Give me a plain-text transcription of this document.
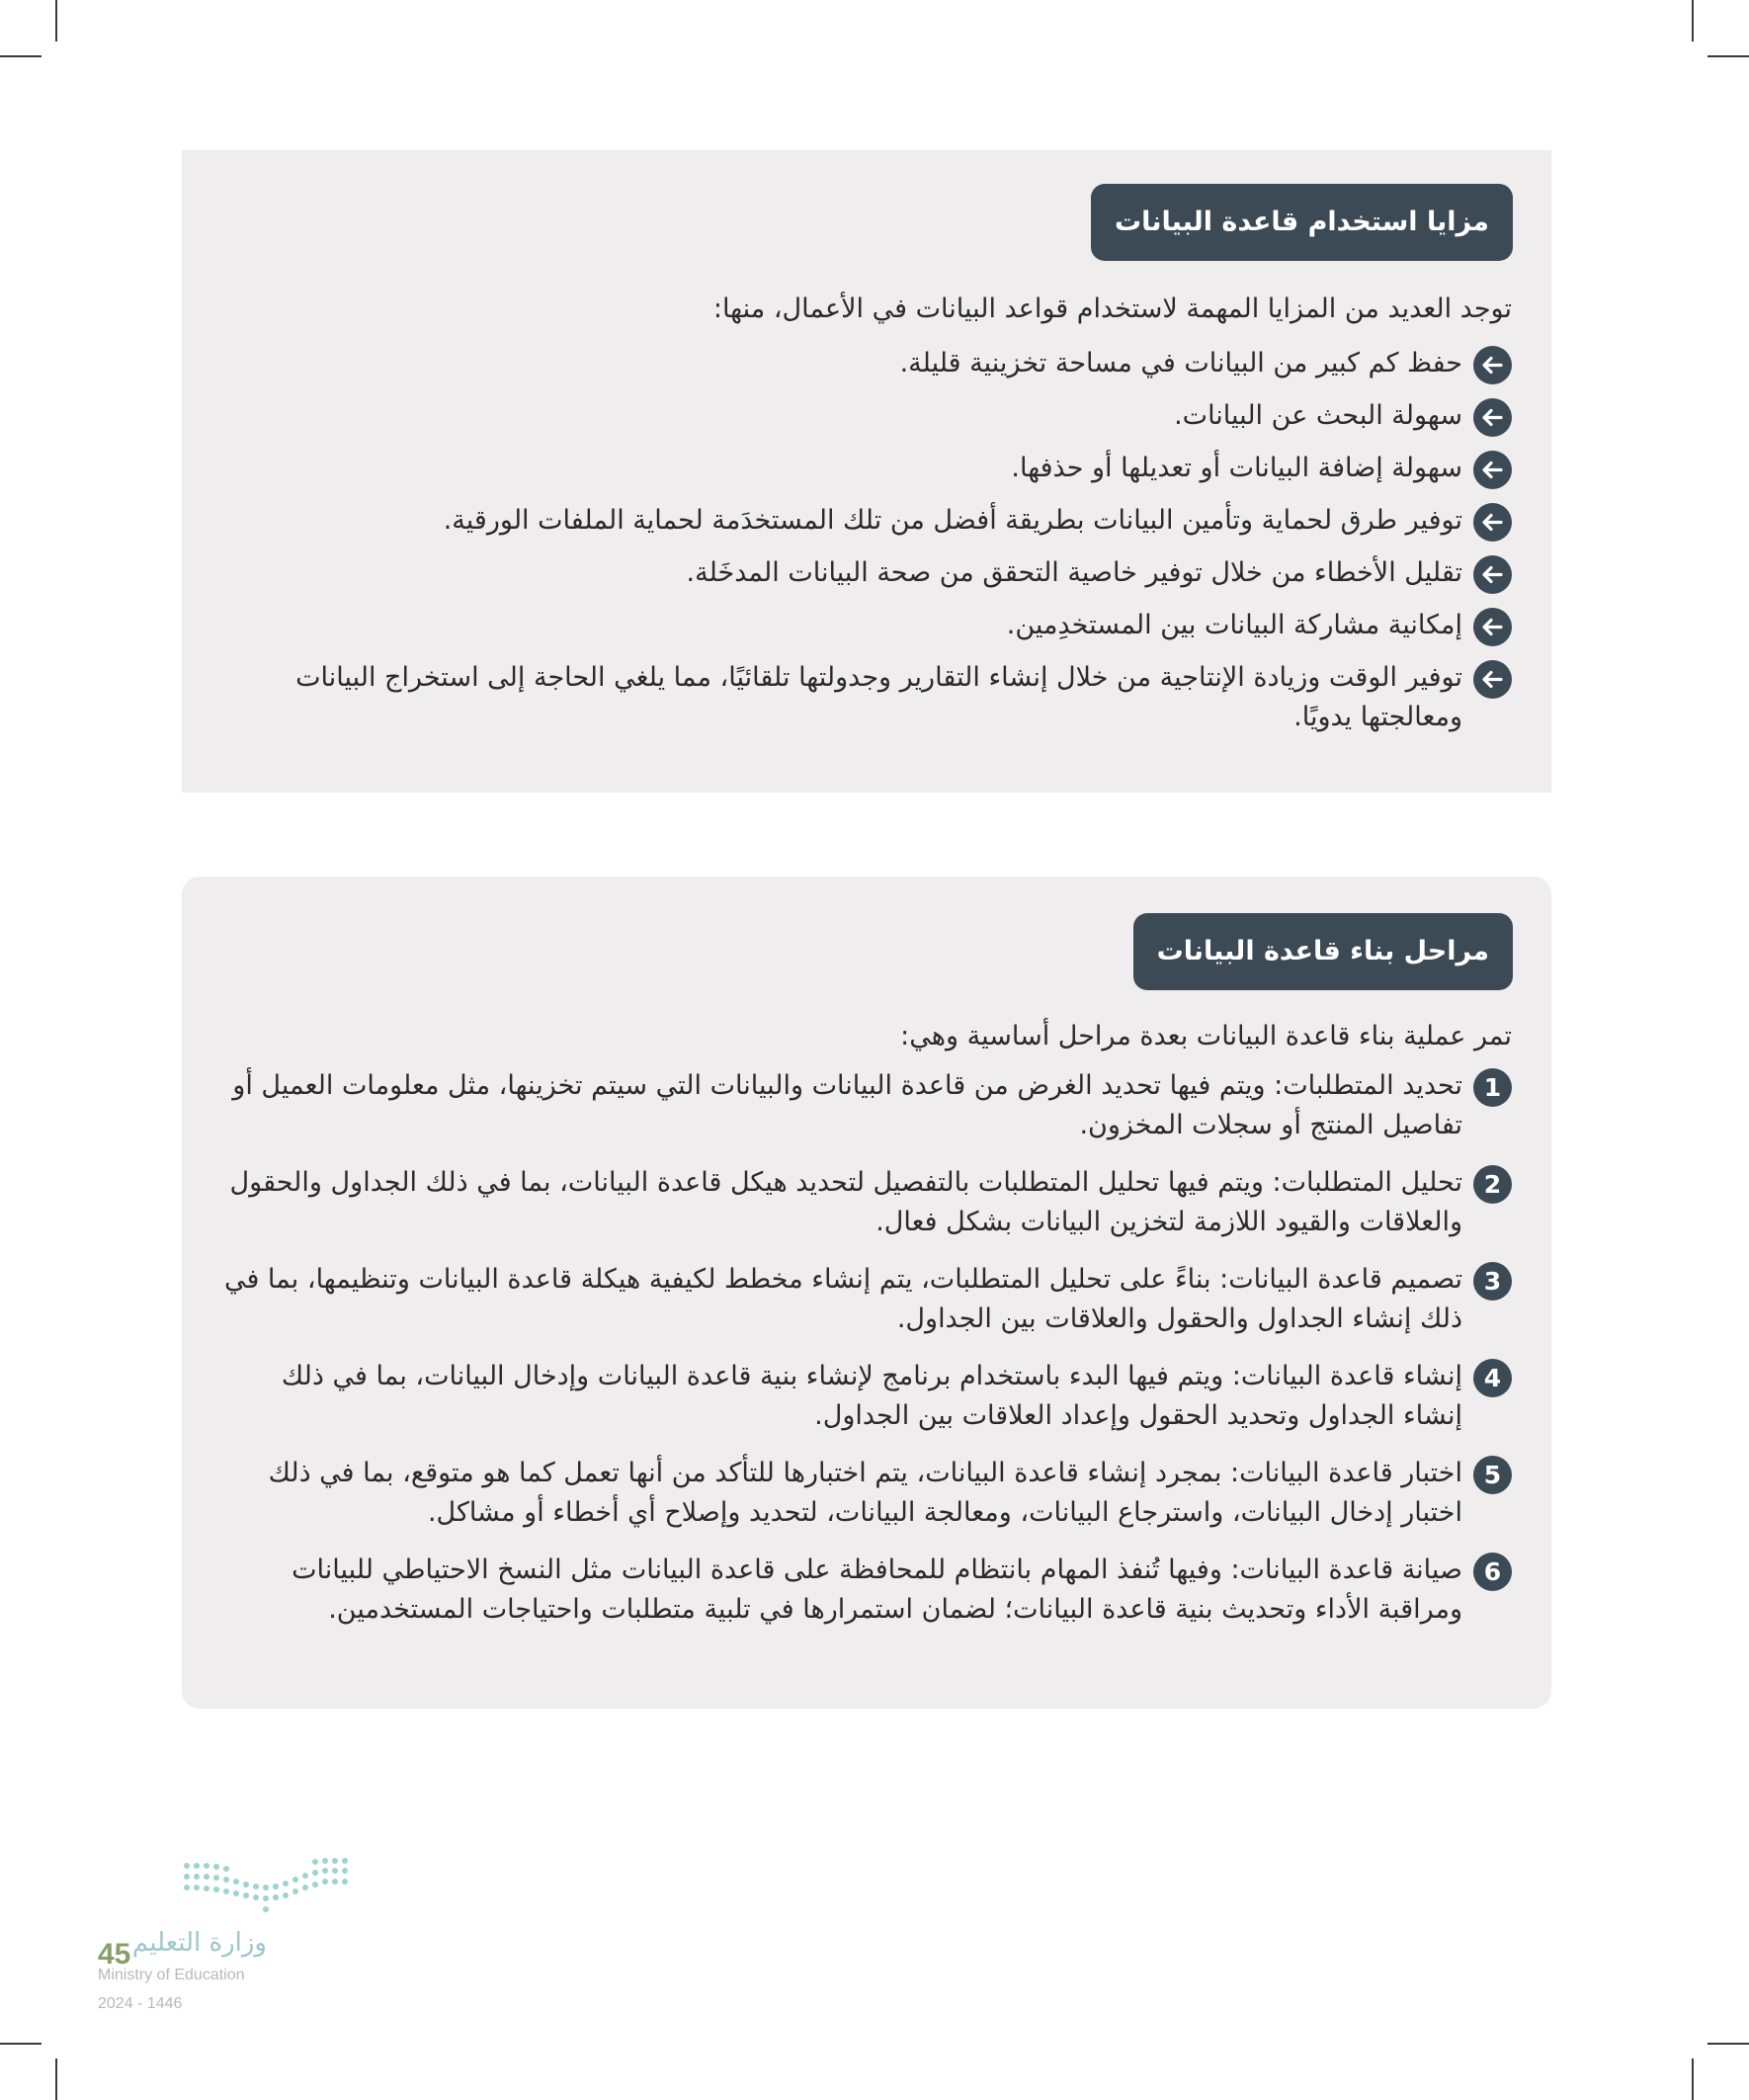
مزايا استخدام قاعدة البيانات

توجد العديد من المزايا المهمة لاستخدام قواعد البيانات في الأعمال، منها:

حفظ كم كبير من البيانات في مساحة تخزينية قليلة.
سهولة البحث عن البيانات.
سهولة إضافة البيانات أو تعديلها أو حذفها.
توفير طرق لحماية وتأمين البيانات بطريقة أفضل من تلك المستخدَمة لحماية الملفات الورقية.
تقليل الأخطاء من خلال توفير خاصية التحقق من صحة البيانات المدخَلة.
إمكانية مشاركة البيانات بين المستخدِمين.
توفير الوقت وزيادة الإنتاجية من خلال إنشاء التقارير وجدولتها تلقائيًا، مما يلغي الحاجة إلى استخراج البيانات ومعالجتها يدويًا.
مراحل بناء قاعدة البيانات

تمر عملية بناء قاعدة البيانات بعدة مراحل أساسية وهي:

1
تحديد المتطلبات: ويتم فيها تحديد الغرض من قاعدة البيانات والبيانات التي سيتم تخزينها، مثل معلومات العميل أو تفاصيل المنتج أو سجلات المخزون.
2
تحليل المتطلبات: ويتم فيها تحليل المتطلبات بالتفصيل لتحديد هيكل قاعدة البيانات، بما في ذلك الجداول والحقول والعلاقات والقيود اللازمة لتخزين البيانات بشكل فعال.
3
تصميم قاعدة البيانات: بناءً على تحليل المتطلبات، يتم إنشاء مخطط لكيفية هيكلة قاعدة البيانات وتنظيمها، بما في ذلك إنشاء الجداول والحقول والعلاقات بين الجداول.
4
إنشاء قاعدة البيانات: ويتم فيها البدء باستخدام برنامج لإنشاء بنية قاعدة البيانات وإدخال البيانات، بما في ذلك إنشاء الجداول وتحديد الحقول وإعداد العلاقات بين الجداول.
5
اختبار قاعدة البيانات: بمجرد إنشاء قاعدة البيانات، يتم اختبارها للتأكد من أنها تعمل كما هو متوقع، بما في ذلك اختبار إدخال البيانات، واسترجاع البيانات، ومعالجة البيانات، لتحديد وإصلاح أي أخطاء أو مشاكل.
6
صيانة قاعدة البيانات: وفيها تُنفذ المهام بانتظام للمحافظة على قاعدة البيانات مثل النسخ الاحتياطي للبيانات ومراقبة الأداء وتحديث بنية قاعدة البيانات؛ لضمان استمرارها في تلبية متطلبات واحتياجات المستخدمين.
وزارة التعليم
45
Ministry of Education
2024 - 1446
